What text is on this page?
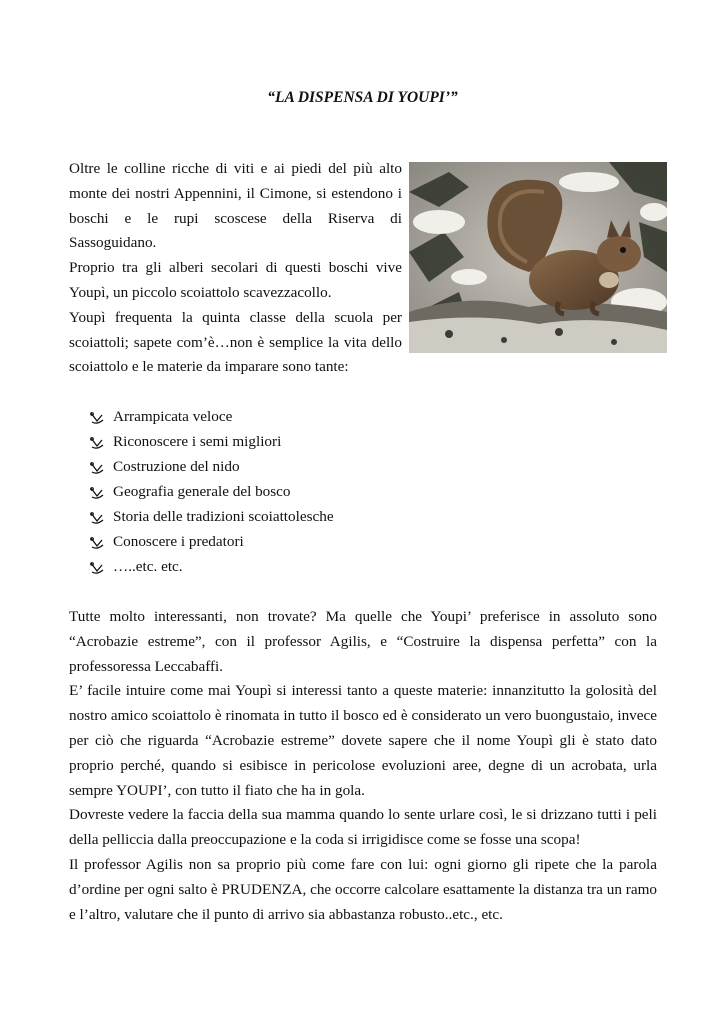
“LA DISPENSA DI YOUPI’”

Oltre le colline ricche di viti e ai piedi del più alto monte dei nostri Appennini, il Cimone, si estendono i boschi e le rupi scoscese della Riserva di Sassoguidano.

Proprio tra gli alberi secolari di questi boschi vive Youpì, un piccolo scoiattolo scavezzacollo.

Youpì frequenta la quinta classe della scuola per scoiattoli; sapete com’è…non è semplice la vita dello scoiattolo e le materie da imparare sono tante:

Arrampicata veloce
Riconoscere i semi migliori
Costruzione del nido
Geografia generale del bosco
Storia delle tradizioni scoiattolesche
Conoscere i predatori
…..etc. etc.

Tutte molto interessanti, non trovate? Ma quelle che Youpi’ preferisce in assoluto sono “Acrobazie estreme”, con il professor Agilis, e “Costruire la dispensa perfetta” con la professoressa Leccabaffi.

E’ facile intuire come mai Youpì si interessi tanto a queste materie: innanzitutto la golosità del nostro amico scoiattolo è rinomata in tutto il bosco ed è considerato un vero buongustaio, invece per ciò che riguarda “Acrobazie estreme” dovete sapere che il nome Youpì gli è stato dato proprio perché, quando si esibisce in pericolose evoluzioni aree, degne di un acrobata, urla sempre YOUPI’, con tutto il fiato che ha in gola.

Dovreste vedere la faccia della sua mamma quando lo sente urlare così, le si drizzano tutti i peli della pelliccia dalla preoccupazione e la coda si irrigidisce come se fosse una scopa!

Il professor Agilis non sa proprio più come fare con lui: ogni giorno gli ripete che la parola d’ordine per ogni salto è PRUDENZA, che occorre calcolare esattamente la distanza tra un ramo e l’altro, valutare che il punto di arrivo sia abbastanza robusto..etc., etc.
